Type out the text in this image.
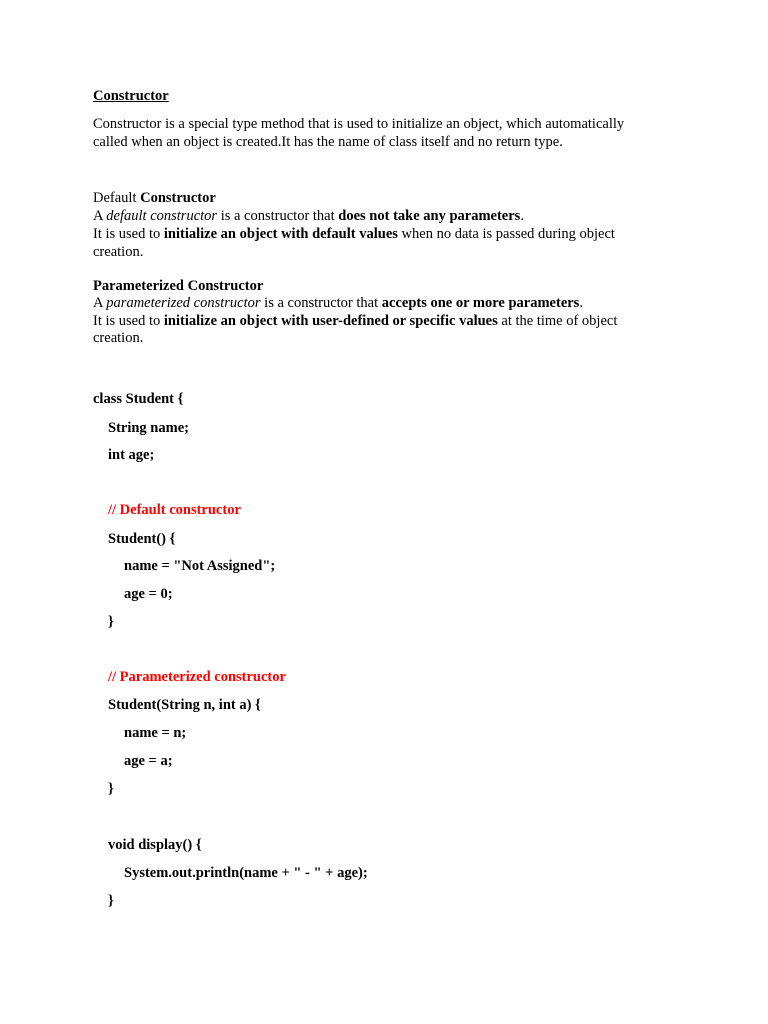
Constructor
Constructor is a special type method that is used to initialize an object, which automatically
called when an object is created.It has the name of class itself and no return type.
Default Constructor
A default constructor is a constructor that does not take any parameters.
It is used to initialize an object with default values when no data is passed during object
creation.
Parameterized Constructor
A parameterized constructor is a constructor that accepts one or more parameters.
It is used to initialize an object with user-defined or specific values at the time of object
creation.
class Student {
String name;
int age;
// Default constructor
Student() {
name = "Not Assigned";
age = 0;
}
// Parameterized constructor
Student(String n, int a) {
name = n;
age = a;
}
void display() {
System.out.println(name + " - " + age);
}
